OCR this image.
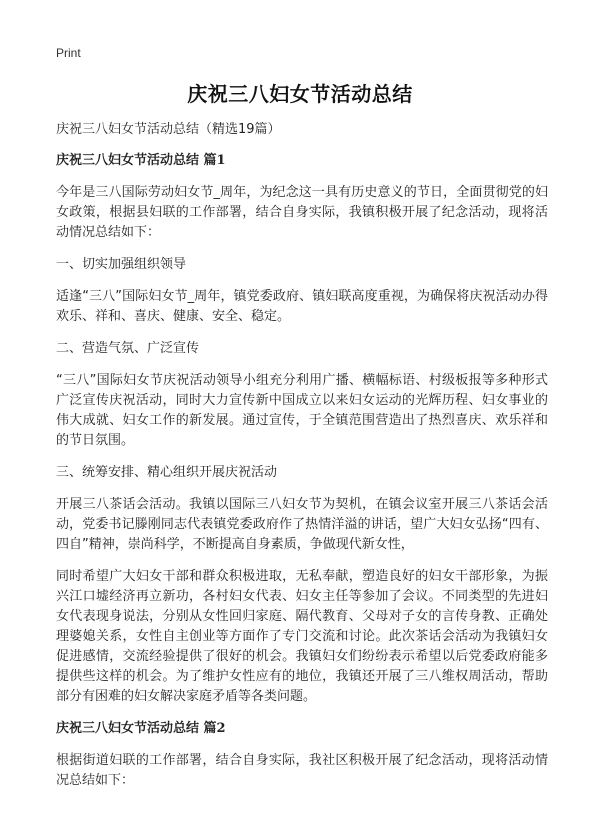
Print
庆祝三八妇女节活动总结

庆祝三八妇女节活动总结（精选19篇）

庆祝三八妇女节活动总结 篇1

今年是三八国际劳动妇女节_周年，为纪念这一具有历史意义的节日，全面贯彻党的妇女政策，根据县妇联的工作部署，结合自身实际，我镇积极开展了纪念活动，现将活动情况总结如下：

一、切实加强组织领导

适逢“三八”国际妇女节_周年，镇党委政府、镇妇联高度重视，为确保将庆祝活动办得欢乐、祥和、喜庆、健康、安全、稳定。

二、营造气氛、广泛宣传

“三八”国际妇女节庆祝活动领导小组充分利用广播、横幅标语、村级板报等多种形式广泛宣传庆祝活动，同时大力宣传新中国成立以来妇女运动的光辉历程、妇女事业的伟大成就、妇女工作的新发展。通过宣传，于全镇范围营造出了热烈喜庆、欢乐祥和的节日氛围。

三、统筹安排、精心组织开展庆祝活动

开展三八茶话会活动。我镇以国际三八妇女节为契机，在镇会议室开展三八茶话会活动，党委书记滕刚同志代表镇党委政府作了热情洋溢的讲话，望广大妇女弘扬“四有、四自”精神，崇尚科学，不断提高自身素质，争做现代新女性，

同时希望广大妇女干部和群众积极进取，无私奉献，塑造良好的妇女干部形象，为振兴江口墟经济再立新功，各村妇女代表、妇女主任等参加了会议。不同类型的先进妇女代表现身说法，分别从女性回归家庭、隔代教育、父母对子女的言传身教、正确处理婆媳关系，女性自主创业等方面作了专门交流和讨论。此次茶话会活动为我镇妇女促进感情，交流经验提供了很好的机会。我镇妇女们纷纷表示希望以后党委政府能多提供些这样的机会。为了维护女性应有的地位，我镇还开展了三八维权周活动，帮助部分有困难的妇女解决家庭矛盾等各类问题。

庆祝三八妇女节活动总结 篇2

根据街道妇联的工作部署，结合自身实际，我社区积极开展了纪念活动，现将活动情况总结如下：
